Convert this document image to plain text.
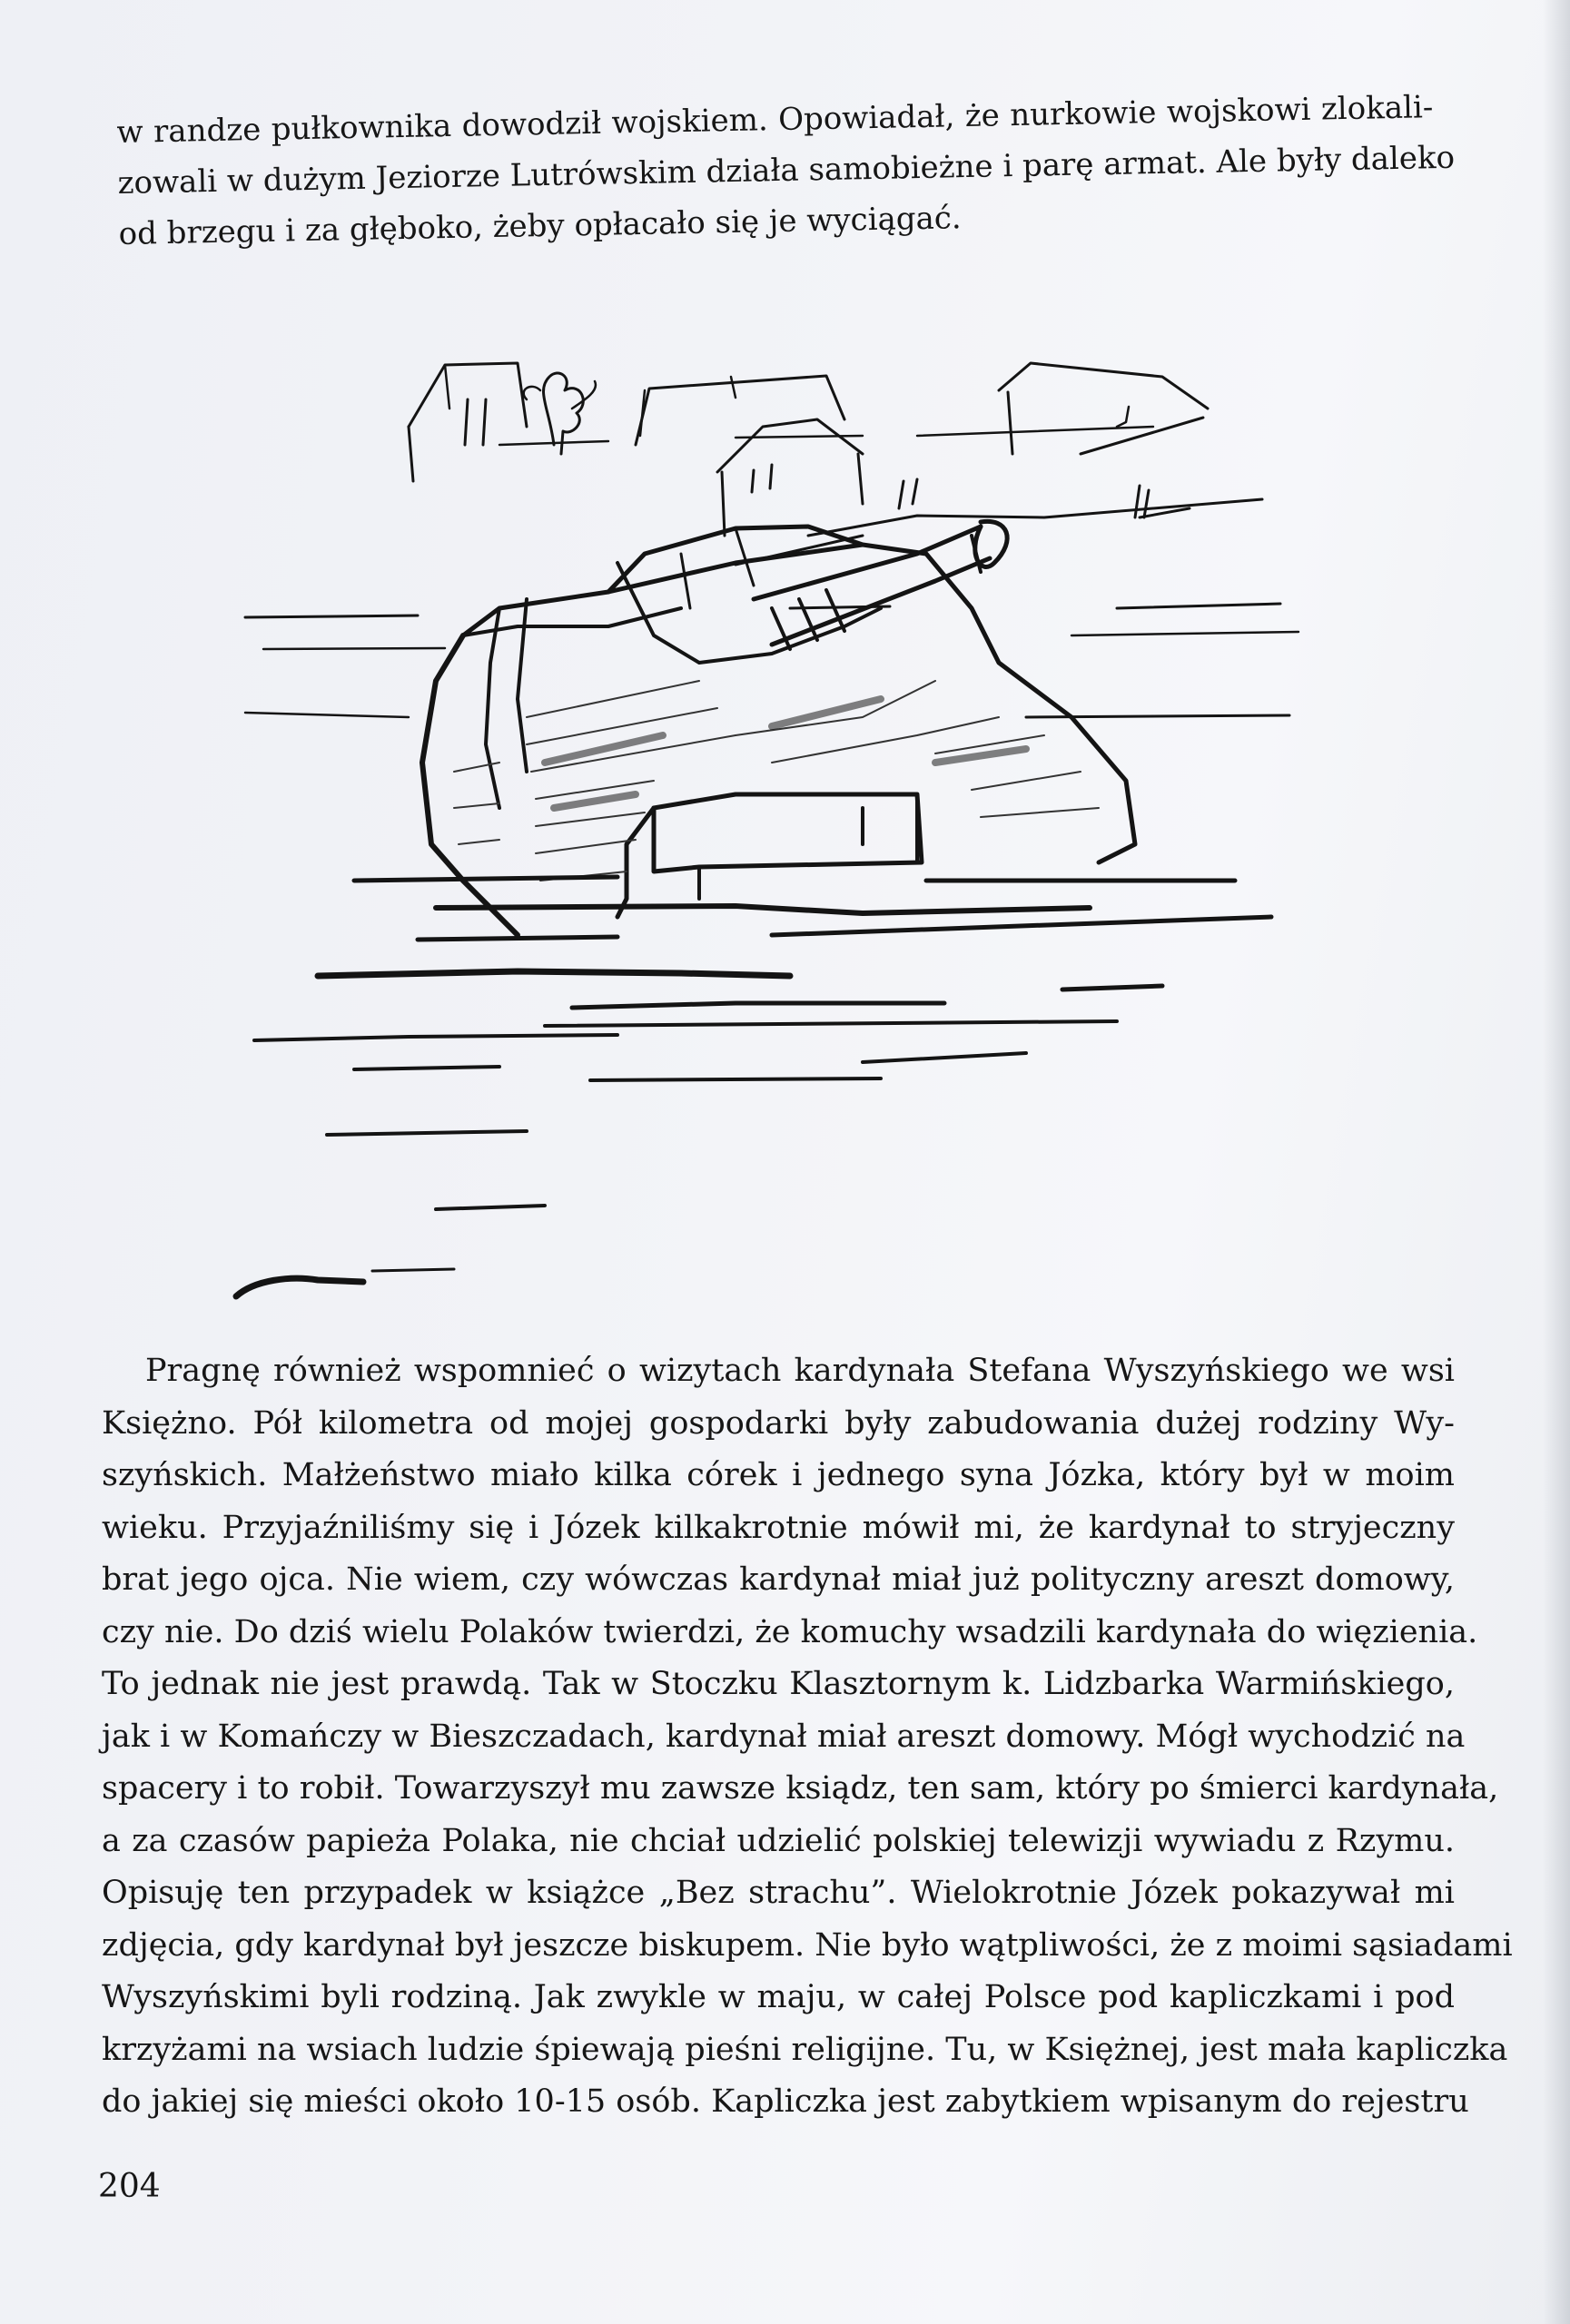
w randze pułkownika dowodził wojskiem. Opowiadał, że nurkowie wojskowi zlokali-
zowali w dużym Jeziorze Lutrówskim działa samobieżne i parę armat. Ale były daleko
od brzegu i za głęboko, żeby opłacało się je wyciągać.
Pragnę również wspomnieć o wizytach kardynała Stefana Wyszyńskiego we wsi
Księżno. Pół kilometra od mojej gospodarki były zabudowania dużej rodziny Wy-
szyńskich. Małżeństwo miało kilka córek i jednego syna Józka, który był w moim
wieku. Przyjaźniliśmy się i Józek kilkakrotnie mówił mi, że kardynał to stryjeczny
brat jego ojca. Nie wiem, czy wówczas kardynał miał już polityczny areszt domowy,
czy nie. Do dziś wielu Polaków twierdzi, że komuchy wsadzili kardynała do więzienia.
To jednak nie jest prawdą. Tak w Stoczku Klasztornym k. Lidzbarka Warmińskiego,
jak i w Komańczy w Bieszczadach, kardynał miał areszt domowy. Mógł wychodzić na
spacery i to robił. Towarzyszył mu zawsze ksiądz, ten sam, który po śmierci kardynała,
a za czasów papieża Polaka, nie chciał udzielić polskiej telewizji wywiadu z Rzymu.
Opisuję ten przypadek w książce „Bez strachu”. Wielokrotnie Józek pokazywał mi
zdjęcia, gdy kardynał był jeszcze biskupem. Nie było wątpliwości, że z moimi sąsiadami
Wyszyńskimi byli rodziną. Jak zwykle w maju, w całej Polsce pod kapliczkami i pod
krzyżami na wsiach ludzie śpiewają pieśni religijne. Tu, w Księżnej, jest mała kapliczka
do jakiej się mieści około 10-15 osób. Kapliczka jest zabytkiem wpisanym do rejestru
204
